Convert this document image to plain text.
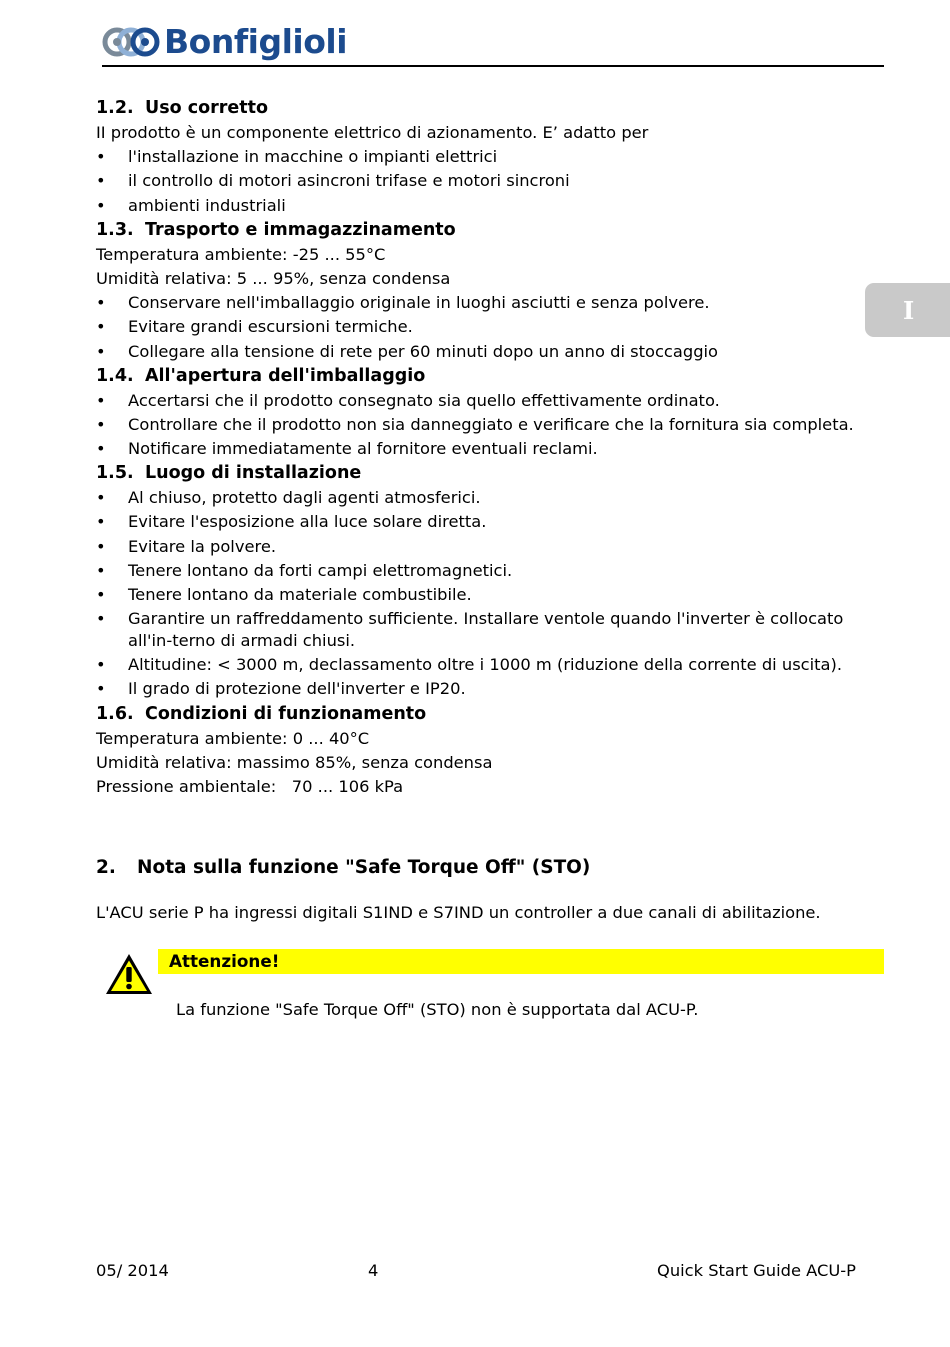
Bonfiglioli
I
1.2. Uso corretto
II prodotto è un componente elettrico di azionamento. E’ adatto per
•	l'installazione in macchine o impianti elettrici
•	il controllo di motori asincroni trifase e motori sincroni
•	ambienti industriali
1.3. Trasporto e immagazzinamento
Temperatura ambiente: -25 ... 55°C
Umidità relativa: 5 ... 95%, senza condensa
•	Conservare nell'imballaggio originale in luoghi asciutti e senza polvere.
•	Evitare grandi escursioni termiche.
•	Collegare alla tensione di rete per 60 minuti dopo un anno di stoccaggio
1.4. All'apertura dell'imballaggio
•	Accertarsi che il prodotto consegnato sia quello effettivamente ordinato.
•	Controllare che il prodotto non sia danneggiato e verificare che la fornitura sia completa.
•	Notificare immediatamente al fornitore eventuali reclami.
1.5. Luogo di installazione
•	Al chiuso, protetto dagli agenti atmosferici.
•	Evitare l'esposizione alla luce solare diretta.
•	Evitare la polvere.
•	Tenere lontano da forti campi elettromagnetici.
•	Tenere lontano da materiale combustibile.
•	Garantire un raffreddamento sufficiente. Installare ventole quando l'inverter è collocato all'in-terno di armadi chiusi.
•	Altitudine: < 3000 m, declassamento oltre i 1000 m (riduzione della corrente di uscita).
•	Il grado di protezione dell'inverter e IP20.
1.6. Condizioni di funzionamento
Temperatura ambiente: 0 ... 40°C
Umidità relativa: massimo 85%, senza condensa
Pressione ambientale:   70 ... 106 kPa
2. Nota sulla funzione "Safe Torque Off" (STO)
L'ACU serie P ha ingressi digitali S1IND e S7IND un controller a due canali di abilitazione.
Attenzione!
La funzione "Safe Torque Off" (STO) non è supportata dal ACU-P.
05/ 2014	4	Quick Start Guide ACU-P
